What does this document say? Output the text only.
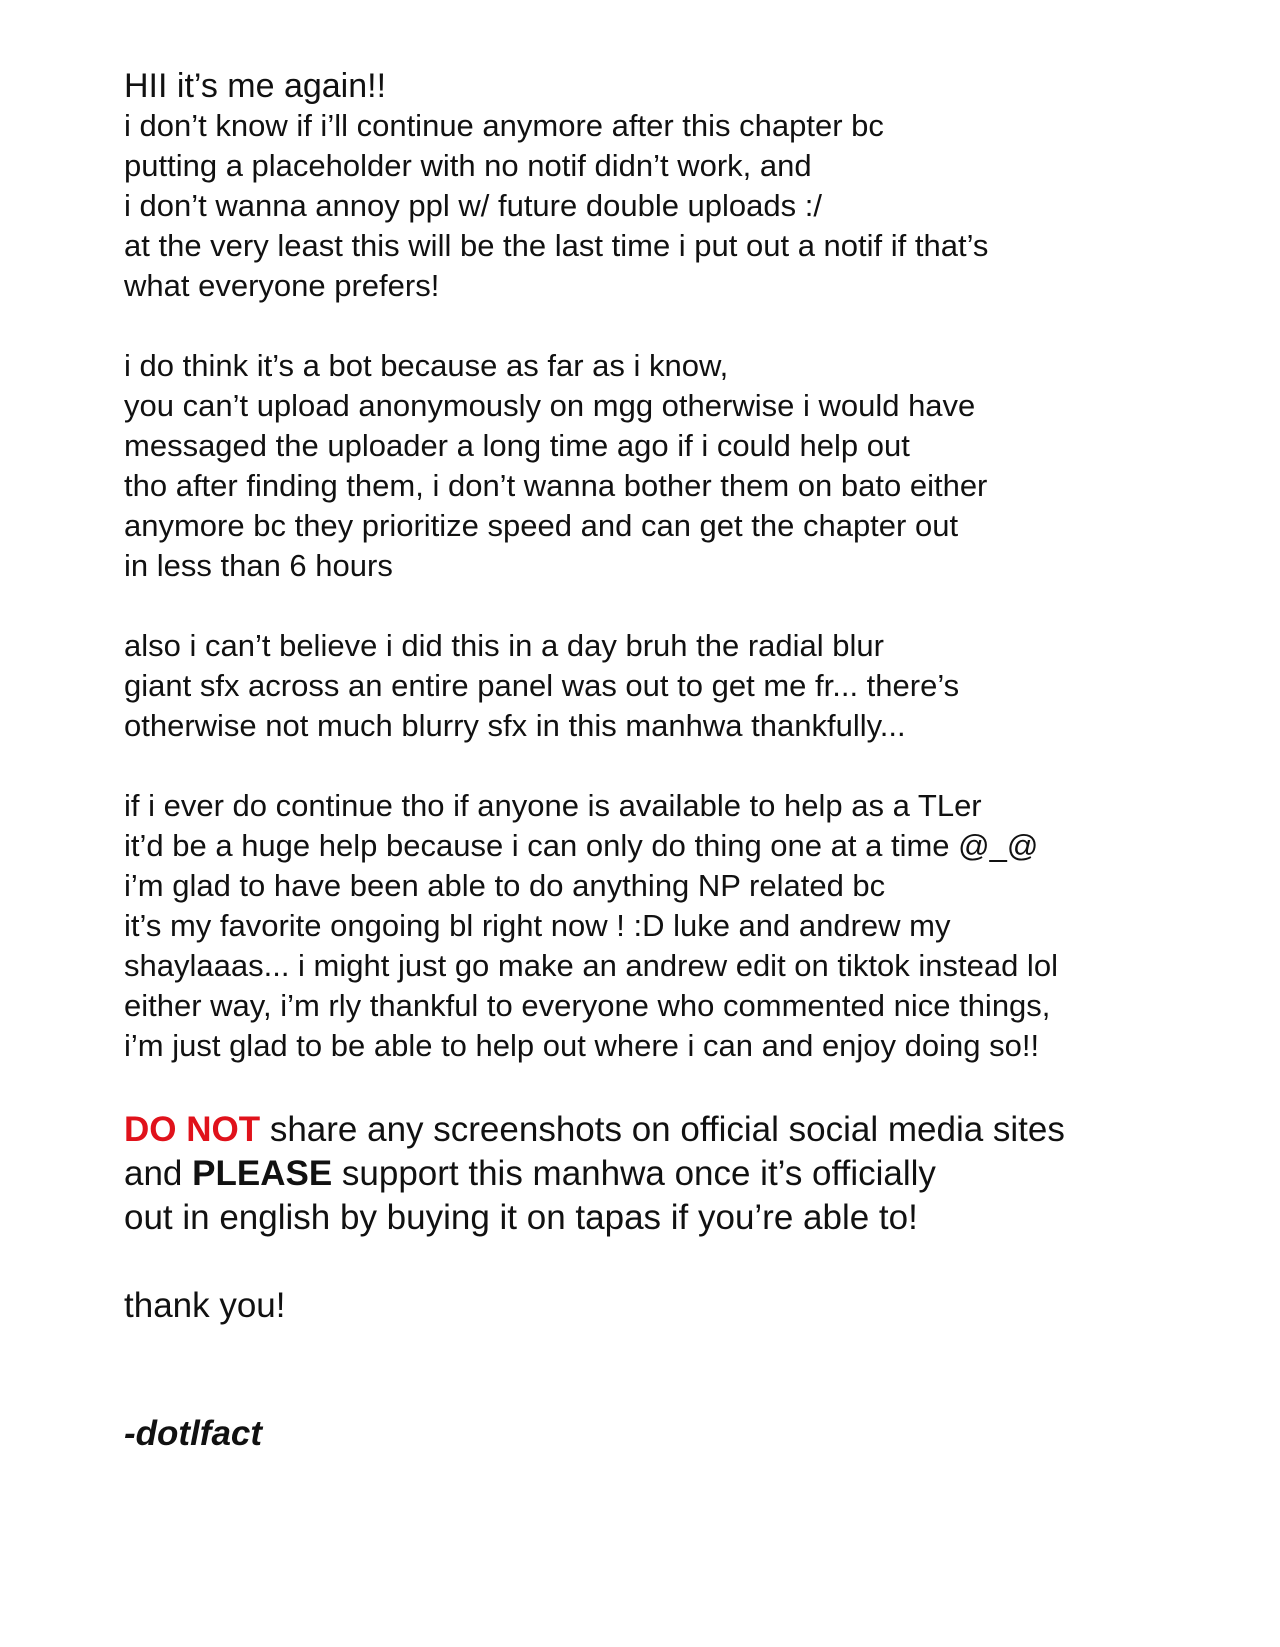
HII it’s me again!!
i don’t know if i’ll continue anymore after this chapter bc
putting a placeholder with no notif didn’t work, and
i don’t wanna annoy ppl w/ future double uploads :/
at the very least this will be the last time i put out a notif if that’s
what everyone prefers!
i do think it’s a bot because as far as i know,
you can’t upload anonymously on mgg otherwise i would have
messaged the uploader a long time ago if i could help out
tho after finding them, i don’t wanna bother them on bato either
anymore bc they prioritize speed and can get the chapter out
in less than 6 hours
also i can’t believe i did this in a day bruh the radial blur
giant sfx across an entire panel was out to get me fr... there’s
otherwise not much blurry sfx in this manhwa thankfully...
if i ever do continue tho if anyone is available to help as a TLer
it’d be a huge help because i can only do thing one at a time @_@
i’m glad to have been able to do anything NP related bc
it’s my favorite ongoing bl right now ! :D luke and andrew my
shaylaaas... i might just go make an andrew edit on tiktok instead lol
either way, i’m rly thankful to everyone who commented nice things,
i’m just glad to be able to help out where i can and enjoy doing so!!
DO NOT share any screenshots on official social media sites
and PLEASE support this manhwa once it’s officially
out in english by buying it on tapas if you’re able to!
thank you!
-dotlfact
